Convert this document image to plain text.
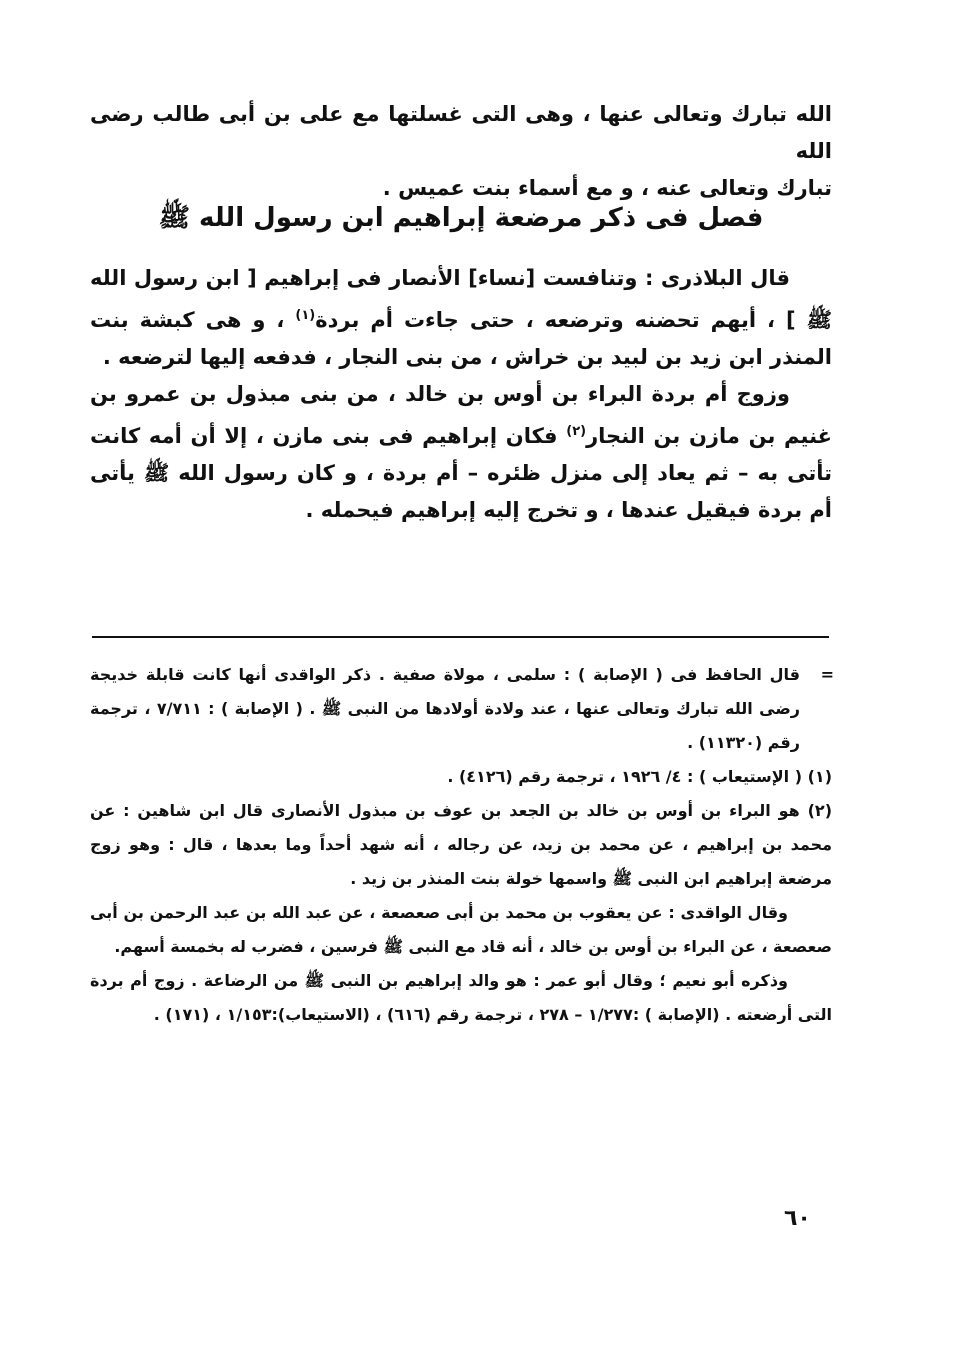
الله تبارك وتعالى عنها ، وهى التى غسلتها مع على بن أبى طالب رضى الله

تبارك وتعالى عنه ، و مع أسماء بنت عميس .

فصل فى ذكر مرضعة إبراهيم ابن رسول الله ﷺ

قال البلاذرى : وتنافست [نساء] الأنصار فى إبراهيم [ ابن رسول الله ﷺ ] ، أيهم تحضنه وترضعه ، حتى جاءت أم بردة$^{(١)}$ ، و هى كبشة بنت المنذر ابن زيد بن لبيد بن خراش ، من بنى النجار ، فدفعه إليها لترضعه .

وزوج أم بردة البراء بن أوس بن خالد ، من بنى مبذول بن عمرو بن غنيم بن مازن بن النجار$^{(٢)}$ فكان إبراهيم فى بنى مازن ، إلا أن أمه كانت تأتى به – ثم يعاد إلى منزل ظئره – أم بردة ، و كان رسول الله ﷺ يأتى أم بردة فيقيل عندها ، و تخرج إليه إبراهيم فيحمله .

=
قال الحافظ فى ( الإصابة ) : سلمى ، مولاة صفية . ذكر الواقدى أنها كانت قابلة خديجة رضى الله تبارك وتعالى عنها ، عند ولادة أولادها من النبى ﷺ . ( الإصابة ) : ٧/٧١١ ، ترجمة رقم (١١٣٢٠) .

(١) ( الإستيعاب ) : ٤/ ١٩٢٦ ، ترجمة رقم (٤١٢٦) .

(٢) هو البراء بن أوس بن خالد بن الجعد بن عوف بن مبذول الأنصارى قال ابن شاهين : عن محمد بن إبراهيم ، عن محمد بن زيد، عن رجاله ، أنه شهد أحداً وما بعدها ، قال : وهو زوج مرضعة إبراهيم ابن النبى ﷺ واسمها خولة بنت المنذر بن زيد .

وقال الواقدى : عن يعقوب بن محمد بن أبى صعصعة ، عن عبد الله بن عبد الرحمن بن أبى صعصعة ، عن البراء بن أوس بن خالد ، أنه قاد مع النبى ﷺ فرسين ، فضرب له بخمسة أسهم.

وذكره أبو نعيم ؛ وقال أبو عمر : هو والد إبراهيم بن النبى ﷺ من الرضاعة . زوج أم بردة التى أرضعته . (الإصابة ) :١/٢٧٧ – ٢٧٨ ، ترجمة رقم (٦١٦) ، (الاستيعاب):١/١٥٣ ، (١٧١) .

٦٠
